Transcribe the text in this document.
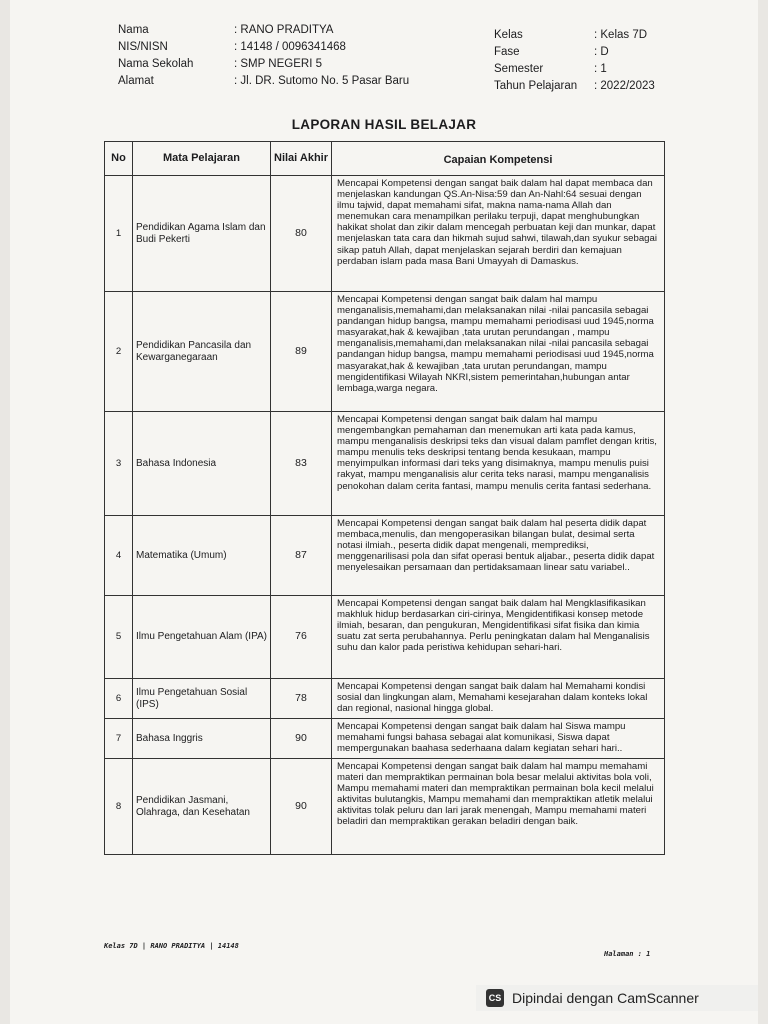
Nama	: RANO PRADITYA
NIS/NISN	: 14148 / 0096341468
Nama Sekolah	: SMP NEGERI 5
Alamat	: Jl. DR. Sutomo No. 5 Pasar Baru
Kelas	: Kelas 7D
Fase	: D
Semester	: 1
Tahun Pelajaran	: 2022/2023
LAPORAN HASIL BELAJAR
No	Mata Pelajaran	Nilai Akhir	Capaian Kompetensi
1	Pendidikan Agama Islam dan Budi Pekerti	80	Mencapai Kompetensi dengan sangat baik dalam hal dapat membaca dan menjelaskan kandungan QS.An-Nisa:59 dan An-Nahl:64 sesuai dengan ilmu tajwid, dapat memahami sifat, makna nama-nama Allah dan menemukan cara menampilkan perilaku terpuji, dapat menghubungkan hakikat sholat dan zikir dalam mencegah perbuatan keji dan munkar, dapat menjelaskan tata cara dan hikmah sujud sahwi, tilawah,dan syukur sebagai sikap patuh Allah, dapat menjelaskan sejarah berdiri dan kemajuan perdaban islam pada masa Bani Umayyah di Damaskus.
2	Pendidikan Pancasila dan Kewarganegaraan	89	Mencapai Kompetensi dengan sangat baik dalam hal mampu menganalisis,memahami,dan melaksanakan nilai -nilai pancasila sebagai pandangan hidup bangsa, mampu memahami periodisasi uud 1945,norma masyarakat,hak & kewajiban ,tata urutan perundangan , mampu menganalisis,memahami,dan melaksanakan nilai -nilai pancasila sebagai pandangan hidup bangsa, mampu memahami periodisasi uud 1945,norma masyarakat,hak & kewajiban ,tata urutan perundangan, mampu mengidentifikasi Wilayah NKRI,sistem pemerintahan,hubungan antar lembaga,warga negara.
3	Bahasa Indonesia	83	Mencapai Kompetensi dengan sangat baik dalam hal mampu mengembangkan pemahaman dan menemukan arti kata pada kamus, mampu menganalisis deskripsi teks dan visual dalam pamflet dengan kritis, mampu menulis teks deskripsi tentang benda kesukaan, mampu menyimpulkan informasi dari teks yang disimaknya, mampu menulis puisi rakyat, mampu menganalisis alur cerita teks narasi, mampu menganalisis penokohan dalam cerita fantasi, mampu menulis cerita fantasi sederhana.
4	Matematika (Umum)	87	Mencapai Kompetensi dengan sangat baik dalam hal peserta didik dapat membaca,menulis, dan mengoperasikan bilangan bulat, desimal serta notasi ilmiah., peserta didik dapat mengenali, memprediksi, menggenarilisasi pola dan sifat operasi bentuk aljabar., peserta didik dapat menyelesaikan persamaan dan pertidaksamaan linear satu variabel..
5	Ilmu Pengetahuan Alam (IPA)	76	Mencapai Kompetensi dengan sangat baik dalam hal Mengklasifikasikan makhluk hidup berdasarkan ciri-cirinya, Mengidentifikasi konsep metode ilmiah, besaran, dan pengukuran, Mengidentifikasi sifat fisika dan kimia suatu zat serta perubahannya. Perlu peningkatan dalam hal Menganalisis suhu dan kalor pada peristiwa kehidupan sehari-hari.
6	Ilmu Pengetahuan Sosial (IPS)	78	Mencapai Kompetensi dengan sangat baik dalam hal Memahami kondisi sosial dan lingkungan alam, Memahami kesejarahan dalam konteks lokal dan regional, nasional hingga global.
7	Bahasa Inggris	90	Mencapai Kompetensi dengan sangat baik dalam hal Siswa mampu memahami fungsi bahasa sebagai alat komunikasi, Siswa dapat mempergunakan baahasa sederhaana dalam kegiatan sehari hari..
8	Pendidikan Jasmani, Olahraga, dan Kesehatan	90	Mencapai Kompetensi dengan sangat baik dalam hal mampu memahami materi dan mempraktikan permainan bola besar melalui aktivitas bola voli, Mampu memahami materi dan mempraktikan permainan bola kecil melalui aktivitas bulutangkis, Mampu memahami dan mempraktikan atletik melalui aktivitas tolak peluru dan lari jarak menengah, Mampu memahami materi beladiri dan mempraktikan gerakan beladiri dengan baik.
Kelas 7D | RANO PRADITYA | 14148
Halaman : 1
CS Dipindai dengan CamScanner
